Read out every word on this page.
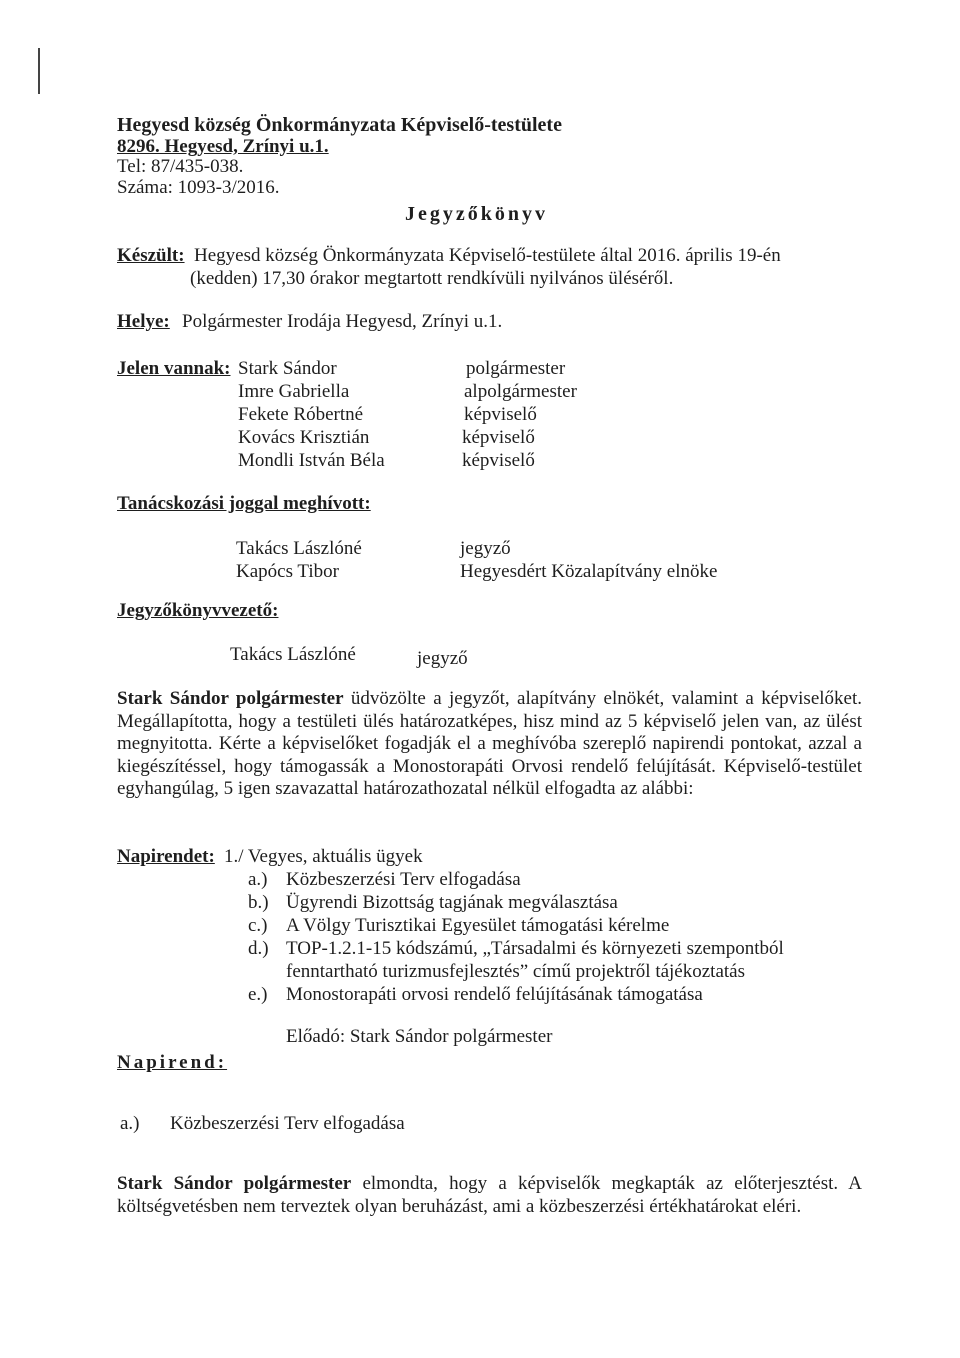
Hegyesd község Önkormányzata Képviselő-testülete
8296. Hegyesd, Zrínyi u.1.
Tel: 87/435-038.
Száma: 1093-3/2016.
Jegyzőkönyv
Készült: Hegyesd község Önkormányzata Képviselő-testülete által 2016. április 19-én
(kedden) 17,30 órakor megtartott rendkívüli nyilvános üléséről.
Helye: Polgármester Irodája Hegyesd, Zrínyi u.1.
Jelen vannak: Stark Sándor	polgármester
Imre Gabriella	alpolgármester
Fekete Róbertné	képviselő
Kovács Krisztián	képviselő
Mondli István Béla	képviselő
Tanácskozási joggal meghívott:
Takács Lászlóné	jegyző
Kapócs Tibor	Hegyesdért Közalapítvány elnöke
Jegyzőkönyvvezető:
Takács Lászlóné	jegyző
Stark Sándor polgármester üdvözölte a jegyzőt, alapítvány elnökét, valamint a képviselőket. Megállapította, hogy a testületi ülés határozatképes, hisz mind az 5 képviselő jelen van, az ülést megnyitotta. Kérte a képviselőket fogadják el a meghívóba szereplő napirendi pontokat, azzal a kiegészítéssel, hogy támogassák a Monostorapáti Orvosi rendelő felújítását. Képviselő-testület egyhangúlag, 5 igen szavazattal határozathozatal nélkül elfogadta az alábbi:
Napirendet: 1./ Vegyes, aktuális ügyek
a.) Közbeszerzési Terv elfogadása
b.) Ügyrendi Bizottság tagjának megválasztása
c.) A Völgy Turisztikai Egyesület támogatási kérelme
d.) TOP-1.2.1-15 kódszámú, „Társadalmi és környezeti szempontból
fenntartható turizmusfejlesztés” című projektről tájékoztatás
e.) Monostorapáti orvosi rendelő felújításának támogatása
Előadó: Stark Sándor polgármester
Napirend:
a.) Közbeszerzési Terv elfogadása
Stark Sándor polgármester elmondta, hogy a képviselők megkapták az előterjesztést. A költségvetésben nem terveztek olyan beruházást, ami a közbeszerzési értékhatárokat eléri.
